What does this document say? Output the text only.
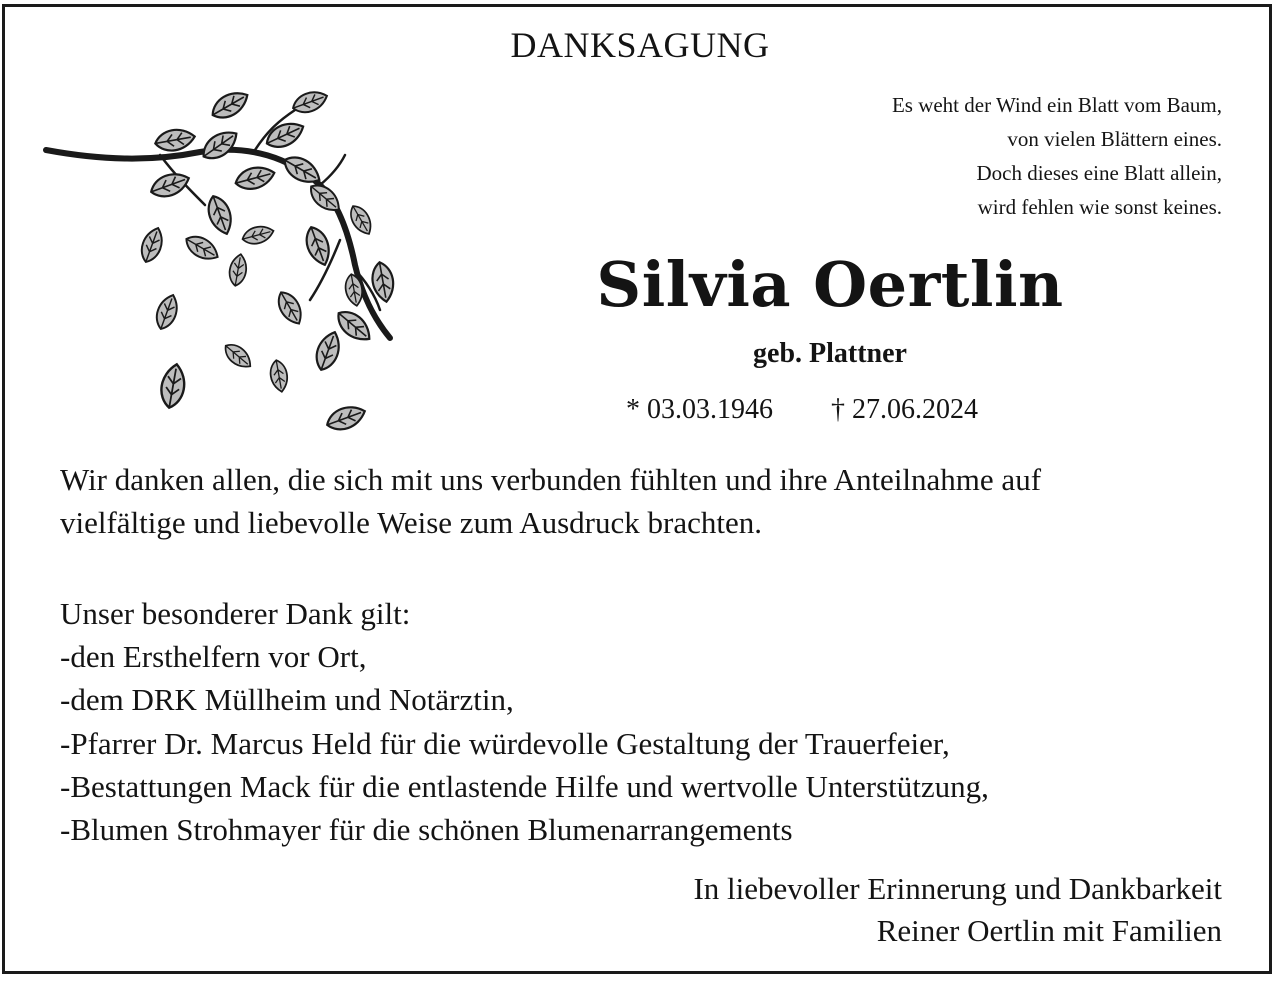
DANKSAGUNG
Es weht der Wind ein Blatt vom Baum,
von vielen Blättern eines.
Doch dieses eine Blatt allein,
wird fehlen wie sonst keines.
Silvia Oertlin
geb. Plattner
* 03.03.1946 † 27.06.2024
Wir danken allen, die sich mit uns verbunden fühlten und ihre Anteilnahme auf
vielfältige und liebevolle Weise zum Ausdruck brachten.
Unser besonderer Dank gilt:
-den Ersthelfern vor Ort,
-dem DRK Müllheim und Notärztin,
-Pfarrer Dr. Marcus Held für die würdevolle Gestaltung der Trauerfeier,
-Bestattungen Mack für die entlastende Hilfe und wertvolle Unterstützung,
-Blumen Strohmayer für die schönen Blumenarrangements
In liebevoller Erinnerung und Dankbarkeit
Reiner Oertlin mit Familien
